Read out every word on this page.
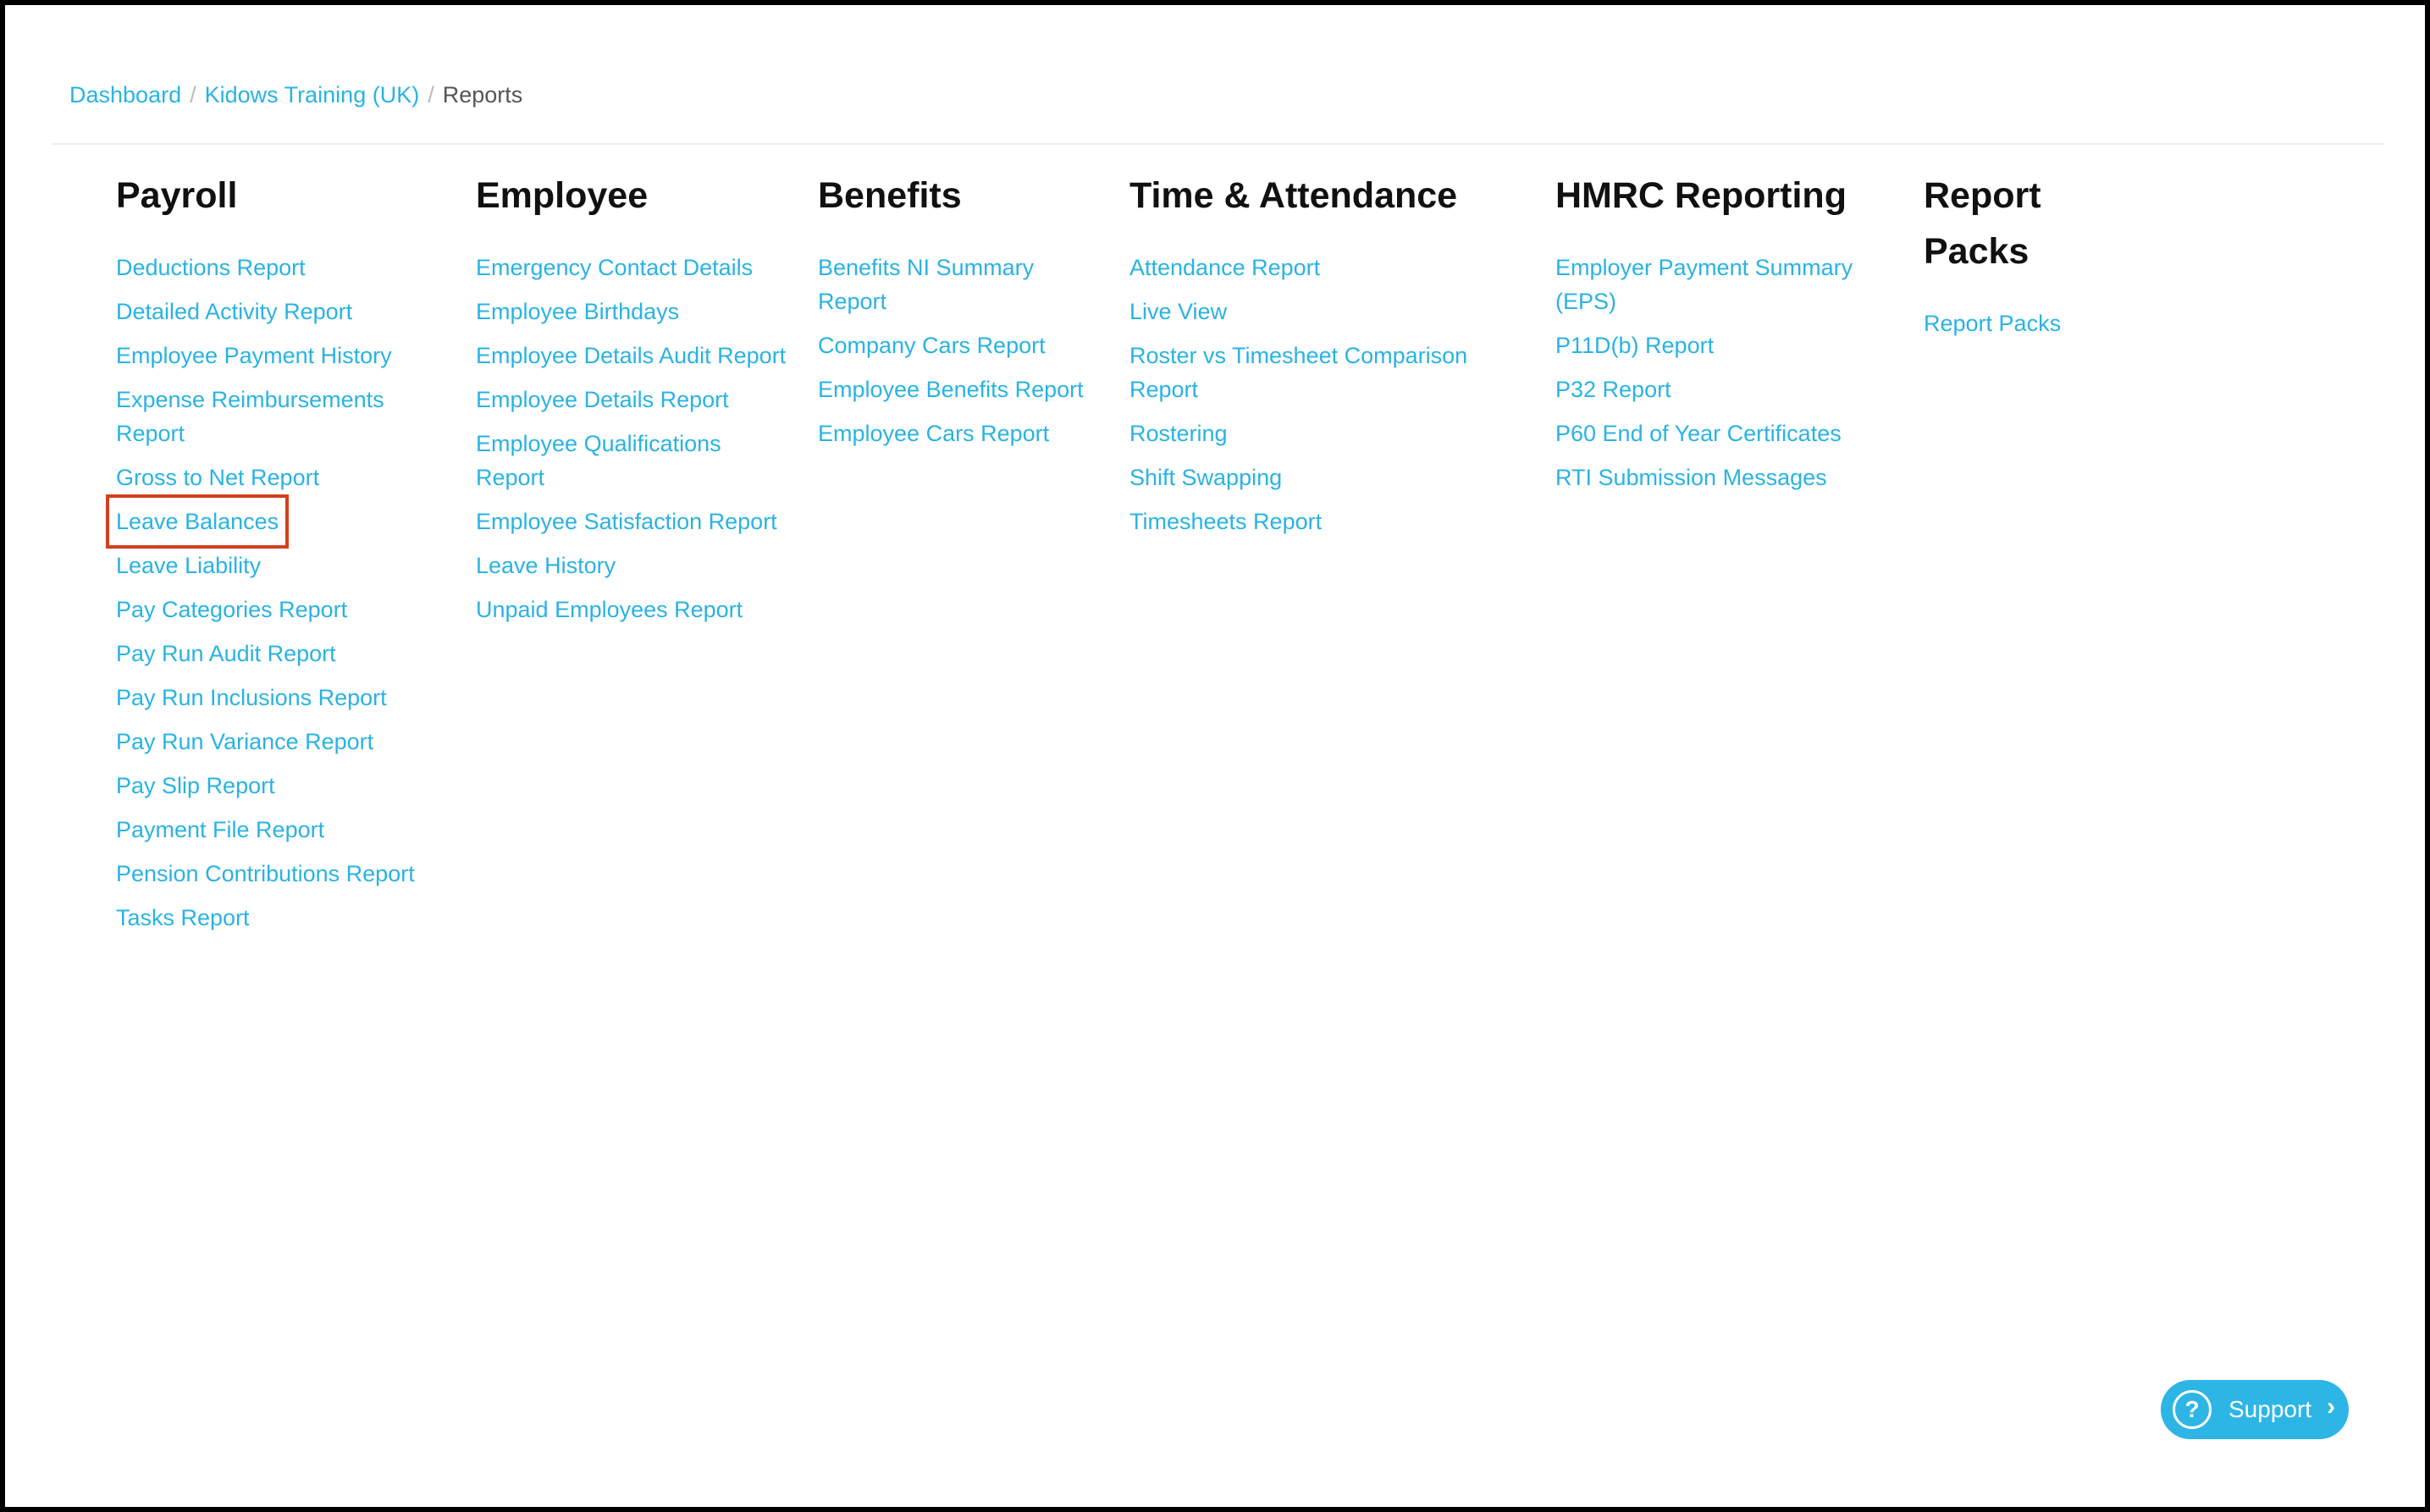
Dashboard / Kidows Training (UK) / Reports
Payroll
Deductions Report
Detailed Activity Report
Employee Payment History
Expense Reimbursements Report
Gross to Net Report
Leave Balances
Leave Liability
Pay Categories Report
Pay Run Audit Report
Pay Run Inclusions Report
Pay Run Variance Report
Pay Slip Report
Payment File Report
Pension Contributions Report
Tasks Report
Employee
Emergency Contact Details
Employee Birthdays
Employee Details Audit Report
Employee Details Report
Employee Qualifications Report
Employee Satisfaction Report
Leave History
Unpaid Employees Report
Benefits
Benefits NI Summary Report
Company Cars Report
Employee Benefits Report
Employee Cars Report
Time & Attendance
Attendance Report
Live View
Roster vs Timesheet Comparison Report
Rostering
Shift Swapping
Timesheets Report
HMRC Reporting
Employer Payment Summary (EPS)
P11D(b) Report
P32 Report
P60 End of Year Certificates
RTI Submission Messages
Report Packs
Report Packs
?	Support ›
